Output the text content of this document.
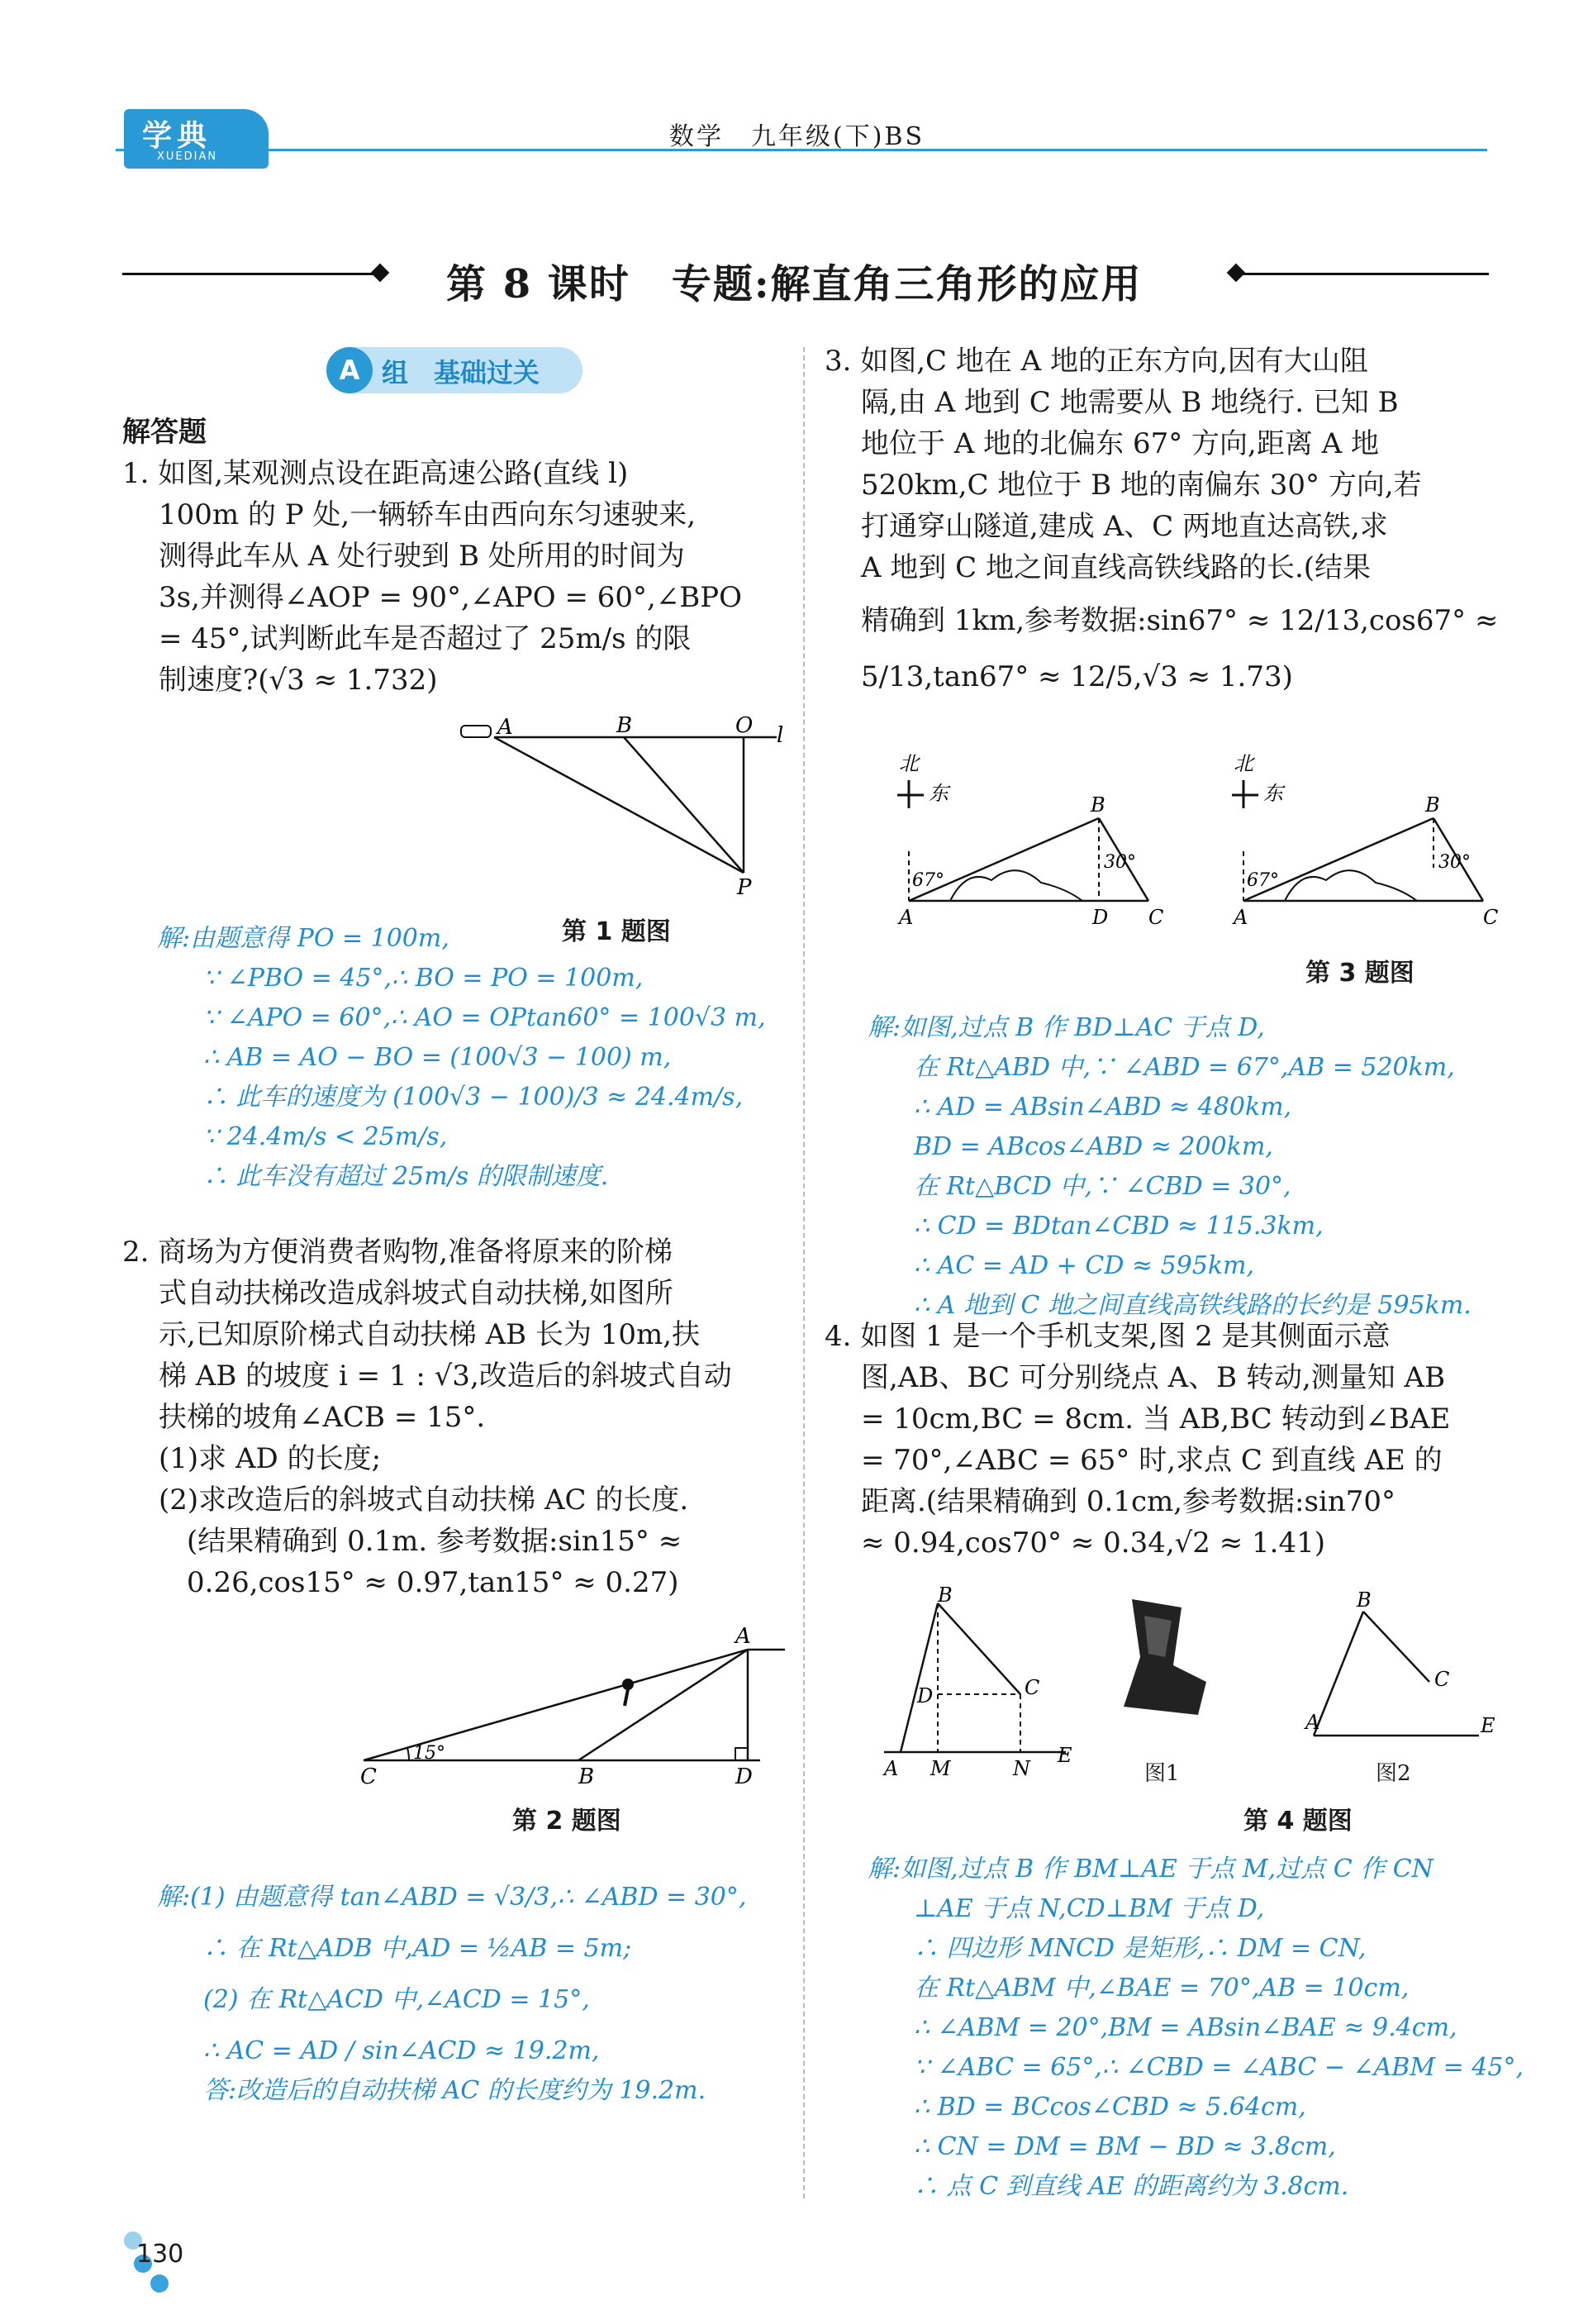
学典
XUEDIAN
数学　九年级(下)BS
第 8 课时　专题:解直角三角形的应用
A 组 基础过关
解答题
1. 如图,某观测点设在距高速公路(直线 l)
100m 的 P 处,一辆轿车由西向东匀速驶来,
测得此车从 A 处行驶到 B 处所用的时间为
3s,并测得∠AOP = 90°,∠APO = 60°,∠BPO
= 45°,试判断此车是否超过了 25m/s 的限
制速度?(√3 ≈ 1.732)
A	B	O l
P
第 1 题图
解:由题意得 PO = 100m,
∵ ∠PBO = 45°,∴ BO = PO = 100m,
∵ ∠APO = 60°,∴ AO = OPtan60° = 100√3 m,
∴ AB = AO − BO = (100√3 − 100) m,
∴ 此车的速度为 (100√3 − 100)/3 ≈ 24.4m/s,
∵ 24.4m/s < 25m/s,
∴ 此车没有超过 25m/s 的限制速度.
2. 商场为方便消费者购物,准备将原来的阶梯
式自动扶梯改造成斜坡式自动扶梯,如图所
示,已知原阶梯式自动扶梯 AB 长为 10m,扶
梯 AB 的坡度 i = 1 : √3,改造后的斜坡式自动
扶梯的坡角∠ACB = 15°.
(1)求 AD 的长度;
(2)求改造后的斜坡式自动扶梯 AC 的长度.
　(结果精确到 0.1m. 参考数据:sin15° ≈
　0.26,cos15° ≈ 0.97,tan15° ≈ 0.27)
A
C	B	D
15°
第 2 题图
解:(1) 由题意得 tan∠ABD = √3/3,∴ ∠ABD = 30°,
∴ 在 Rt△ADB 中,AD = ½AB = 5m;
(2) 在 Rt△ACD 中,∠ACD = 15°,
∴ AC = AD / sin∠ACD ≈ 19.2m,
答:改造后的自动扶梯 AC 的长度约为 19.2m.
3. 如图,C 地在 A 地的正东方向,因有大山阻
隔,由 A 地到 C 地需要从 B 地绕行. 已知 B
地位于 A 地的北偏东 67° 方向,距离 A 地
520km,C 地位于 B 地的南偏东 30° 方向,若
打通穿山隧道,建成 A、C 两地直达高铁,求
A 地到 C 地之间直线高铁线路的长.(结果
精确到 1km,参考数据:sin67° ≈ 12/13,cos67° ≈
5/13,tan67° ≈ 12/5,√3 ≈ 1.73)
北
东	B
67°
30°
A	D C
北
东	B
67°
30°
A	C
第 3 题图
解:如图,过点 B 作 BD⊥AC 于点 D,
在 Rt△ABD 中,∵ ∠ABD = 67°,AB = 520km,
∴ AD = ABsin∠ABD ≈ 480km,
BD = ABcos∠ABD ≈ 200km,
在 Rt△BCD 中,∵ ∠CBD = 30°,
∴ CD = BDtan∠CBD ≈ 115.3km,
∴ AC = AD + CD ≈ 595km,
∴ A 地到 C 地之间直线高铁线路的长约是 595km.
4. 如图 1 是一个手机支架,图 2 是其侧面示意
图,AB、BC 可分别绕点 A、B 转动,测量知 AB
= 10cm,BC = 8cm. 当 AB,BC 转动到∠BAE
= 70°,∠ABC = 65° 时,求点 C 到直线 AE 的
距离.(结果精确到 0.1cm,参考数据:sin70°
≈ 0.94,cos70° ≈ 0.34,√2 ≈ 1.41)
B
D	C
A M	N
E
图1
B
C
A	E
图2
第 4 题图
解:如图,过点 B 作 BM⊥AE 于点 M,过点 C 作 CN
⊥AE 于点 N,CD⊥BM 于点 D,
∴ 四边形 MNCD 是矩形,∴ DM = CN,
在 Rt△ABM 中,∠BAE = 70°,AB = 10cm,
∴ ∠ABM = 20°,BM = ABsin∠BAE ≈ 9.4cm,
∵ ∠ABC = 65°,∴ ∠CBD = ∠ABC − ∠ABM = 45°,
∴ BD = BCcos∠CBD ≈ 5.64cm,
∴ CN = DM = BM − BD ≈ 3.8cm,
∴ 点 C 到直线 AE 的距离约为 3.8cm.
130
